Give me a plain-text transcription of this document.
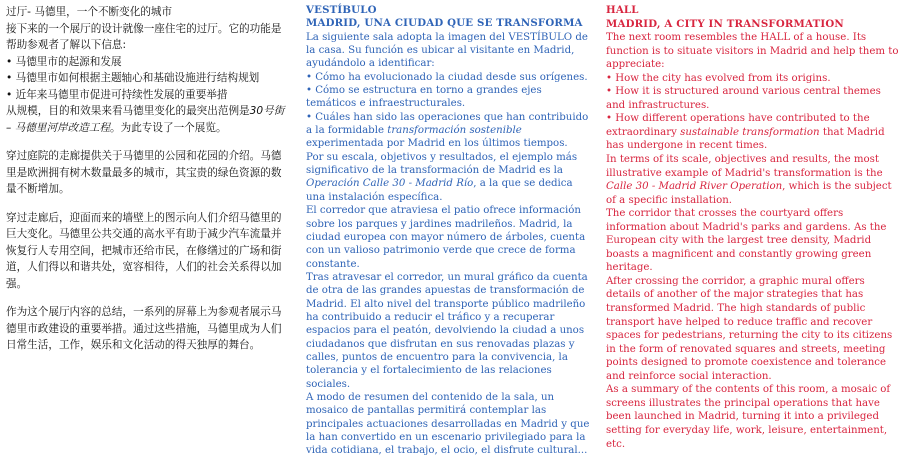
过厅- 马德里，一个不断变化的城市

接下来的一个展厅的设计就像一座住宅的过厅。它的功能是帮助参观者了解以下信息:

• 马德里市的起源和发展
• 马德里市如何根据主题轴心和基础设施进行结构规划
• 近年来马德里市促进可持续性发展的重要举措

从规模，目的和效果来看马德里变化的最突出范例是30号街 – 马德里河岸改造工程。为此专设了一个展览。

穿过庭院的走廊提供关于马德里的公园和花园的介绍。马德里是欧洲拥有树木数量最多的城市，其宝贵的绿色资源的数量不断增加。

穿过走廊后，迎面而来的墙壁上的图示向人们介绍马德里的巨大变化。马德里公共交通的高水平有助于减少汽车流量并恢复行人专用空间，把城市还给市民，在修缮过的广场和街道，人们得以和谐共处，宽容相待，人们的社会关系得以加强。

作为这个展厅内容的总结，一系列的屏幕上为参观者展示马德里市政建设的重要举措。通过这些措施，马德里成为人们日常生活，工作，娱乐和文化活动的得天独厚的舞台。

VESTÍBULO

MADRID, UNA CIUDAD QUE SE TRANSFORMA

La siguiente sala adopta la imagen del VESTÍBULO de la casa. Su función es ubicar al visitante en Madrid, ayudándolo a identificar:

• Cómo ha evolucionado la ciudad desde sus orígenes.
• Cómo se estructura en torno a grandes ejes temáticos e infraestructurales.
• Cuáles han sido las operaciones que han contribuido a la formidable transformación sostenible experimentada por Madrid en los últimos tiempos.

Por su escala, objetivos y resultados, el ejemplo más significativo de la transformación de Madrid es la Operación Calle 30 - Madrid Río, a la que se dedica una instalación específica.

El corredor que atraviesa el patio ofrece información sobre los parques y jardines madrileños. Madrid, la ciudad europea con mayor número de árboles, cuenta con un valioso patrimonio verde que crece de forma constante.

Tras atravesar el corredor, un mural gráfico da cuenta de otra de las grandes apuestas de transformación de Madrid. El alto nivel del transporte público madrileño ha contribuido a reducir el tráfico y a recuperar espacios para el peatón, devolviendo la ciudad a unos ciudadanos que disfrutan en sus renovadas plazas y calles, puntos de encuentro para la convivencia, la tolerancia y el fortalecimiento de las relaciones sociales.

A modo de resumen del contenido de la sala, un mosaico de pantallas permitirá contemplar las principales actuaciones desarrolladas en Madrid y que la han convertido en un escenario privilegiado para la vida cotidiana, el trabajo, el ocio, el disfrute cultural...

HALL

MADRID, A CITY IN TRANSFORMATION

The next room resembles the HALL of a house. Its function is to situate visitors in Madrid and help them to appreciate:

• How the city has evolved from its origins.
• How it is structured around various central themes and infrastructures.
• How different operations have contributed to the extraordinary sustainable transformation that Madrid has undergone in recent times.

In terms of its scale, objectives and results, the most illustrative example of Madrid's transformation is the Calle 30 - Madrid River Operation, which is the subject of a specific installation.

The corridor that crosses the courtyard offers information about Madrid's parks and gardens. As the European city with the largest tree density, Madrid boasts a magnificent and constantly growing green heritage.

After crossing the corridor, a graphic mural offers details of another of the major strategies that has transformed Madrid. The high standards of public transport have helped to reduce traffic and recover spaces for pedestrians, returning the city to its citizens in the form of renovated squares and streets, meeting points designed to promote coexistence and tolerance and reinforce social interaction.

As a summary of the contents of this room, a mosaic of screens illustrates the principal operations that have been launched in Madrid, turning it into a privileged setting for everyday life, work, leisure, entertainment, etc.
